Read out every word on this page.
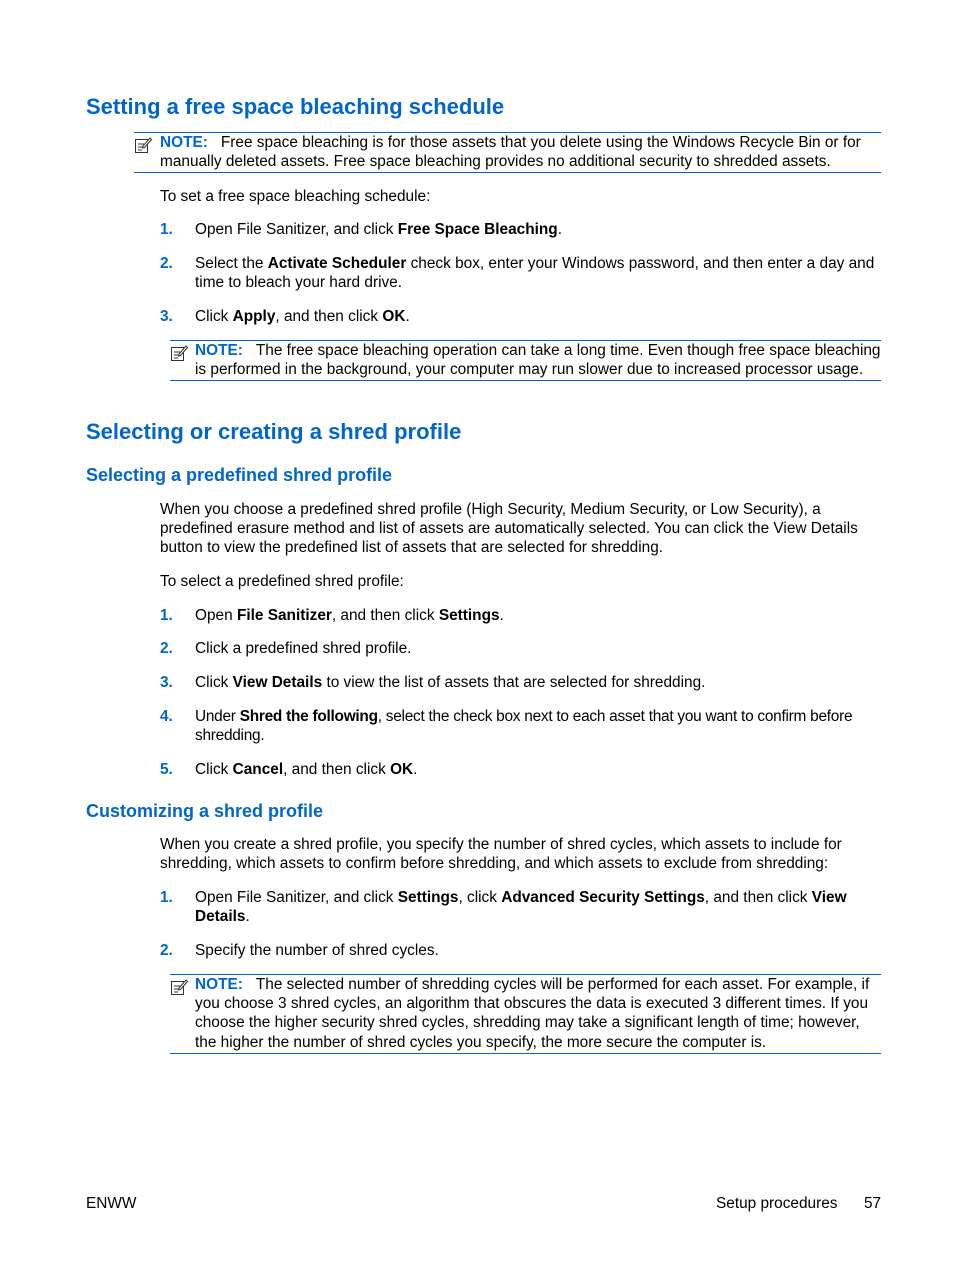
Setting a free space bleaching schedule
NOTE: Free space bleaching is for those assets that you delete using the Windows Recycle Bin or for manually deleted assets. Free space bleaching provides no additional security to shredded assets.
To set a free space bleaching schedule:
1. Open File Sanitizer, and click Free Space Bleaching.
2. Select the Activate Scheduler check box, enter your Windows password, and then enter a day and time to bleach your hard drive.
3. Click Apply, and then click OK.
NOTE: The free space bleaching operation can take a long time. Even though free space bleaching is performed in the background, your computer may run slower due to increased processor usage.
Selecting or creating a shred profile
Selecting a predefined shred profile
When you choose a predefined shred profile (High Security, Medium Security, or Low Security), a predefined erasure method and list of assets are automatically selected. You can click the View Details button to view the predefined list of assets that are selected for shredding.
To select a predefined shred profile:
1. Open File Sanitizer, and then click Settings.
2. Click a predefined shred profile.
3. Click View Details to view the list of assets that are selected for shredding.
4. Under Shred the following, select the check box next to each asset that you want to confirm before shredding.
5. Click Cancel, and then click OK.
Customizing a shred profile
When you create a shred profile, you specify the number of shred cycles, which assets to include for shredding, which assets to confirm before shredding, and which assets to exclude from shredding:
1. Open File Sanitizer, and click Settings, click Advanced Security Settings, and then click View Details.
2. Specify the number of shred cycles.
NOTE: The selected number of shredding cycles will be performed for each asset. For example, if you choose 3 shred cycles, an algorithm that obscures the data is executed 3 different times. If you choose the higher security shred cycles, shredding may take a significant length of time; however, the higher the number of shred cycles you specify, the more secure the computer is.
ENWW	Setup procedures 57
